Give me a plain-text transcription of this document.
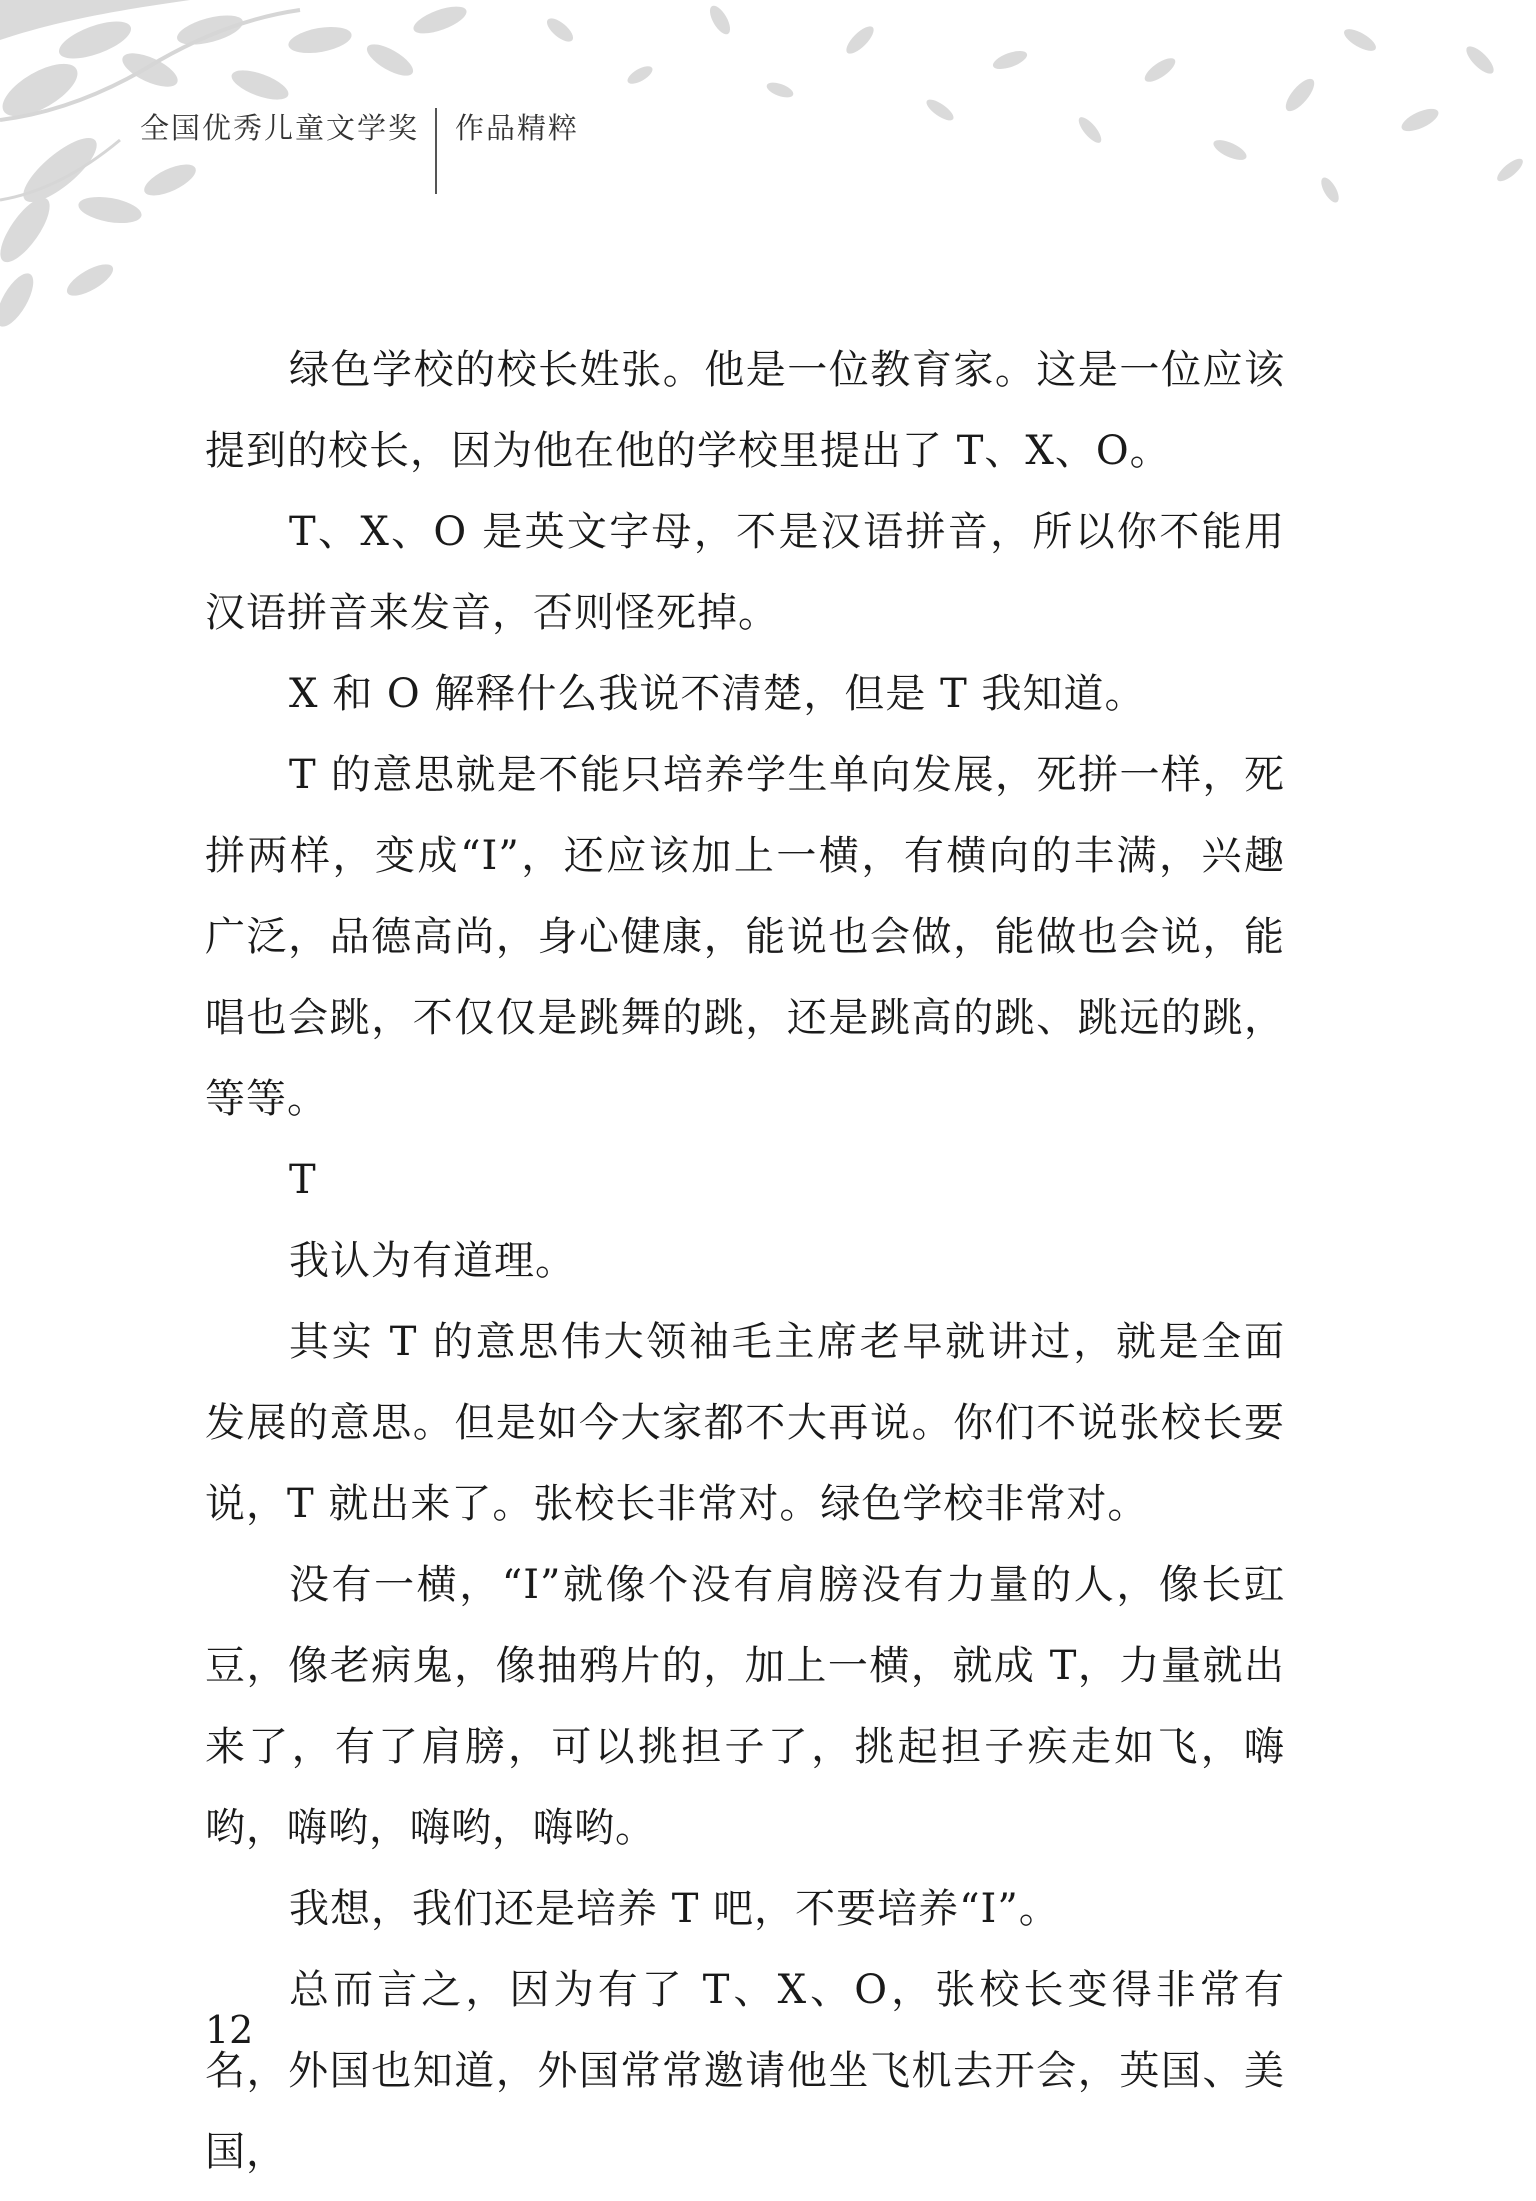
全国优秀儿童文学奖	作品精粹

绿色学校的校长姓张。他是一位教育家。这是一位应该提到的校长，因为他在他的学校里提出了 T、X、O。

T、X、O 是英文字母，不是汉语拼音，所以你不能用汉语拼音来发音，否则怪死掉。

X 和 O 解释什么我说不清楚，但是 T 我知道。

T 的意思就是不能只培养学生单向发展，死拼一样，死拼两样，变成“I”，还应该加上一横，有横向的丰满，兴趣广泛，品德高尚，身心健康，能说也会做，能做也会说，能唱也会跳，不仅仅是跳舞的跳，还是跳高的跳、跳远的跳，等等。

T

我认为有道理。

其实 T 的意思伟大领袖毛主席老早就讲过，就是全面发展的意思。但是如今大家都不大再说。你们不说张校长要说，T 就出来了。张校长非常对。绿色学校非常对。

没有一横，“I”就像个没有肩膀没有力量的人，像长豇豆，像老病鬼，像抽鸦片的，加上一横，就成 T，力量就出来了，有了肩膀，可以挑担子了，挑起担子疾走如飞，嗨哟，嗨哟，嗨哟，嗨哟。

我想，我们还是培养 T 吧，不要培养“I”。

总而言之，因为有了 T、X、O，张校长变得非常有名，外国也知道，外国常常邀请他坐飞机去开会，英国、美国，

12
